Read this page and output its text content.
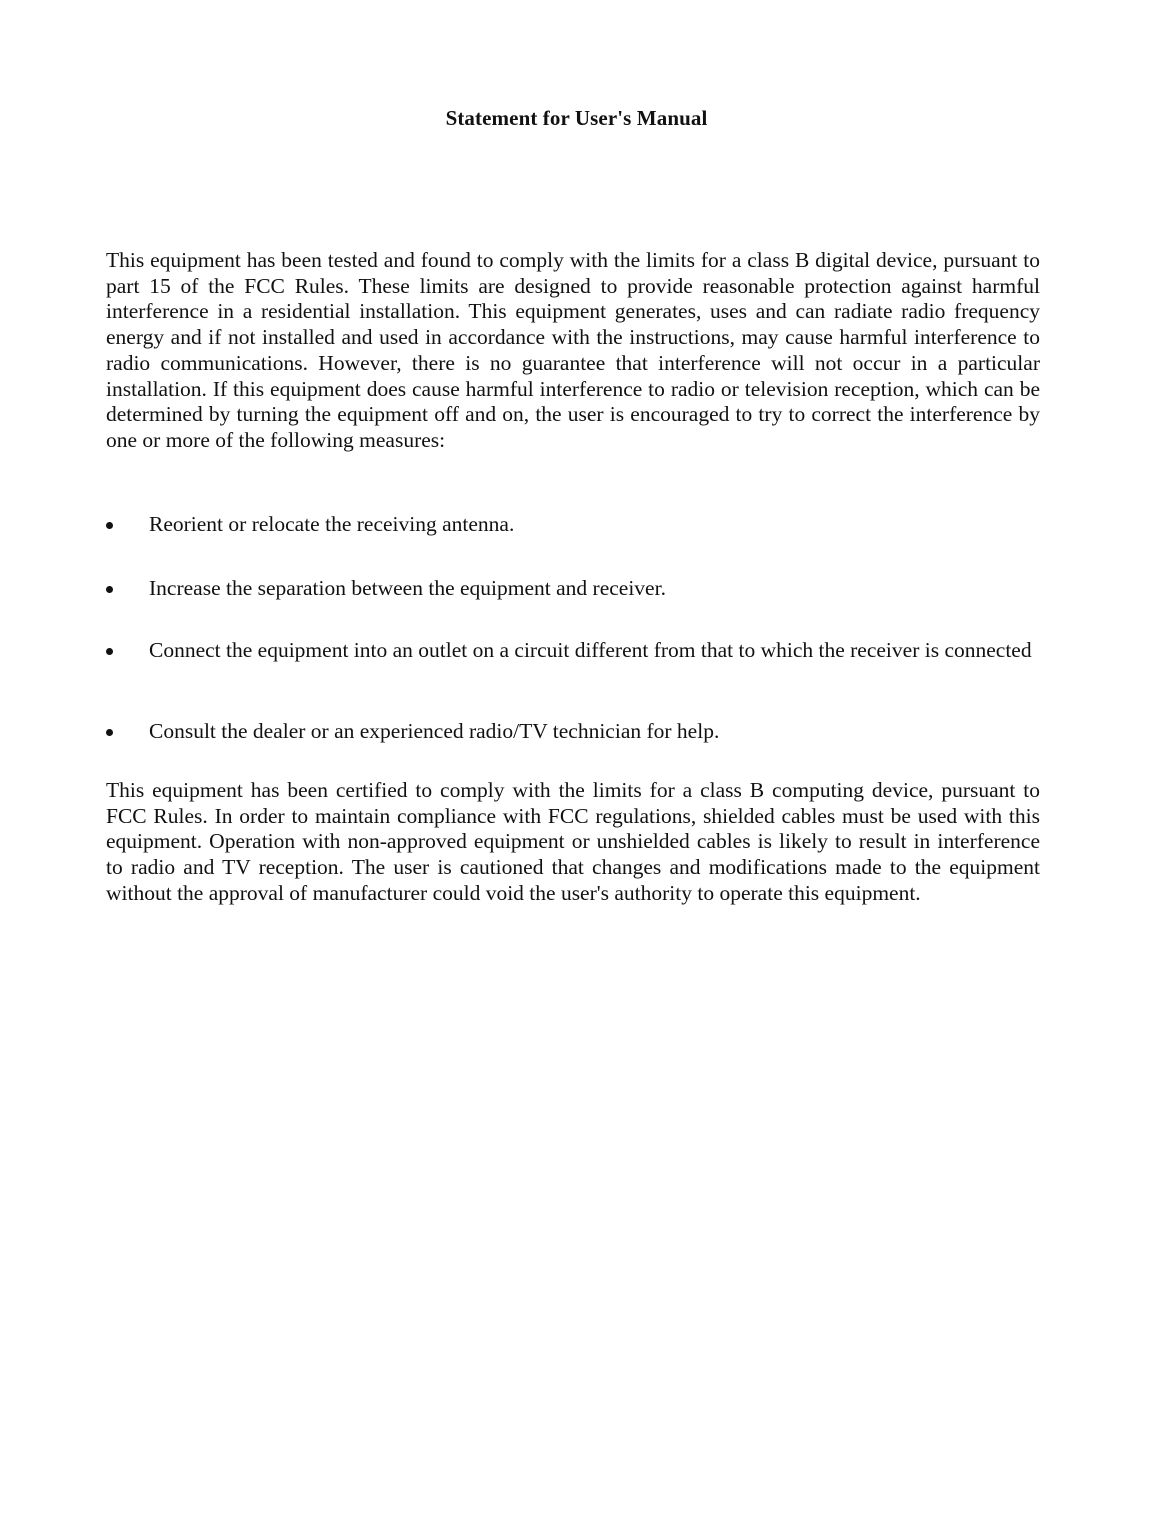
Statement for User's Manual

This equipment has been tested and found to comply with the limits for a class B digital device, pursuant to part 15 of the FCC Rules. These limits are designed to provide reasonable protection against harmful interference in a residential installation. This equipment generates, uses and can radiate radio frequency energy and if not installed and used in accordance with the instructions, may cause harmful interference to radio communications. However, there is no guarantee that interference will not occur in a particular installation. If this equipment does cause harmful interference to radio or television reception, which can be determined by turning the equipment off and on, the user is encouraged to try to correct the interference by one or more of the following measures:

Reorient or relocate the receiving antenna.
Increase the separation between the equipment and receiver.
Connect the equipment into an outlet on a circuit different from that to which the receiver is connected
Consult the dealer or an experienced radio/TV technician for help.

This equipment has been certified to comply with the limits for a class B computing device, pursuant to FCC Rules. In order to maintain compliance with FCC regulations, shielded cables must be used with this equipment. Operation with non-approved equipment or unshielded cables is likely to result in interference to radio and TV reception. The user is cautioned that changes and modifications made to the equipment without the approval of manufacturer could void the user's authority to operate this equipment.
